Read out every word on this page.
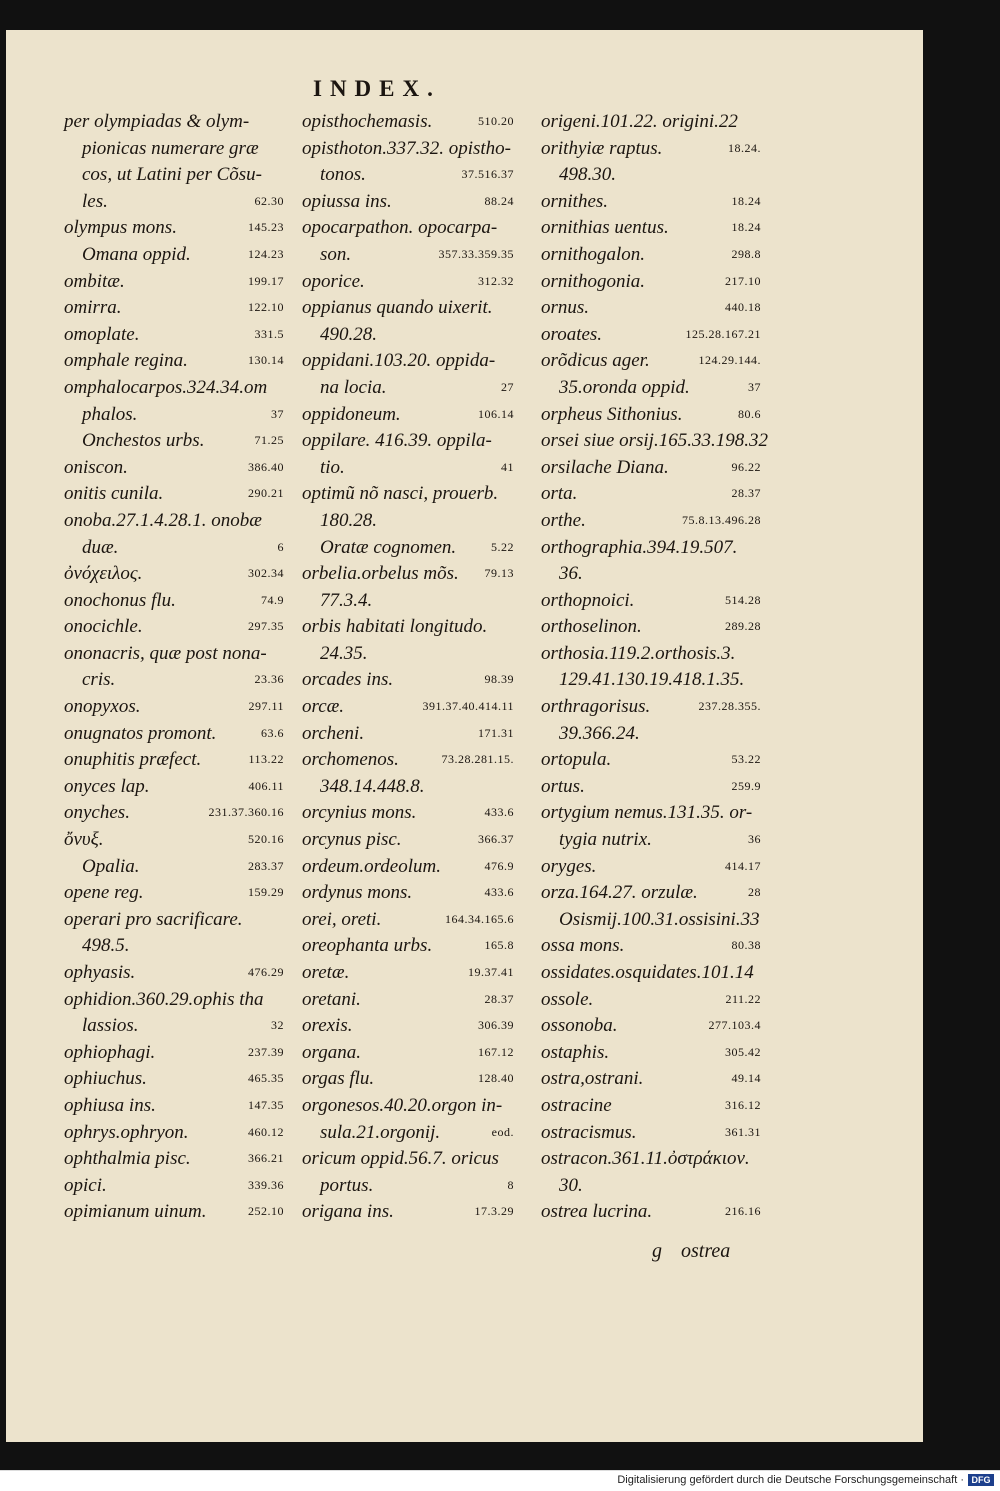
INDEX.
per olympiadas & olym-
pionicas numerare græ
cos, ut Latini per Cõsu-
les.	62.30
olympus mons.	145.23
Omana oppid.	124.23
ombitæ.	199.17
omirra.	122.10
omoplate.	331.5
omphale regina.	130.14
omphalocarpos.324.34.om
phalos.	37
Onchestos urbs.	71.25
oniscon.	386.40
onitis cunila.	290.21
onoba.27.1.4.28.1. onobæ
duæ.	6
ὀνόχειλος.	302.34
onochonus flu.	74.9
onocichle.	297.35
ononacris, quæ post nona-
cris.	23.36
onopyxos.	297.11
onugnatos promont.	63.6
onuphitis præfect.	113.22
onyces lap.	406.11
onyches.	231.37.360.16
ὄνυξ.	520.16
Opalia.	283.37
opene reg.	159.29
operari pro sacrificare.
498.5.
ophyasis.	476.29
ophidion.360.29.ophis tha
lassios.	32
ophiophagi.	237.39
ophiuchus.	465.35
ophiusa ins.	147.35
ophrys.ophryon.	460.12
ophthalmia pisc.	366.21
opici.	339.36
opimianum uinum.	252.10
opisthochemasis.	510.20
opisthoton.337.32. opistho-
tonos.	37.516.37
opiussa ins.	88.24
opocarpathon. opocarpa-
son.	357.33.359.35
oporice.	312.32
oppianus quando uixerit.
490.28.
oppidani.103.20. oppida-
na locia.	27
oppidoneum.	106.14
oppilare. 416.39. oppila-
tio.	41
optimũ nõ nasci, prouerb.
180.28.
Oratæ cognomen.	5.22
orbelia.orbelus mõs. 79.13
77.3.4.
orbis habitati longitudo.
24.35.
orcades ins.	98.39
orcæ.	391.37.40.414.11
orcheni.	171.31
orchomenos.	73.28.281.15.
348.14.448.8.
orcynius mons.	433.6
orcynus pisc.	366.37
ordeum.ordeolum.	476.9
ordynus mons.	433.6
orei, oreti.	164.34.165.6
oreophanta urbs.	165.8
oretæ.	19.37.41
oretani.	28.37
orexis.	306.39
organa.	167.12
orgas flu.	128.40
orgonesos.40.20.orgon in-
sula.21.orgonij.	eod.
oricum oppid.56.7. oricus
portus.	8
origana ins.	17.3.29
origeni.101.22. origini.22
orithyiæ raptus.	18.24.
498.30.
ornithes.	18.24
ornithias uentus.	18.24
ornithogalon.	298.8
ornithogonia.	217.10
ornus.	440.18
oroates.	125.28.167.21
orõdicus ager.	124.29.144.
35.oronda oppid.	37
orpheus Sithonius.	80.6
orsei siue orsij.165.33.198.32
orsilache Diana.	96.22
orta.	28.37
orthe.	75.8.13.496.28
orthographia.394.19.507.
36.
orthopnoici.	514.28
orthoselinon.	289.28
orthosia.119.2.orthosis.3.
129.41.130.19.418.1.35.
orthragorisus.	237.28.355.
39.366.24.
ortopula.	53.22
ortus.	259.9
ortygium nemus.131.35. or-
tygia nutrix.	36
oryges.	414.17
orza.164.27. orzulæ.	28
Osismij.100.31.ossisini.33
ossa mons.	80.38
ossidates.osquidates.101.14
ossole.	211.22
ossonoba.	277.103.4
ostaphis.	305.42
ostra,ostrani.	49.14
ostracine	316.12
ostracismus.	361.31
ostracon.361.11.ὀστράκιον.
30.
ostrea lucrina.	216.16
g ostrea
Digitalisierung gefördert durch die Deutsche Forschungsgemeinschaft · DFG
